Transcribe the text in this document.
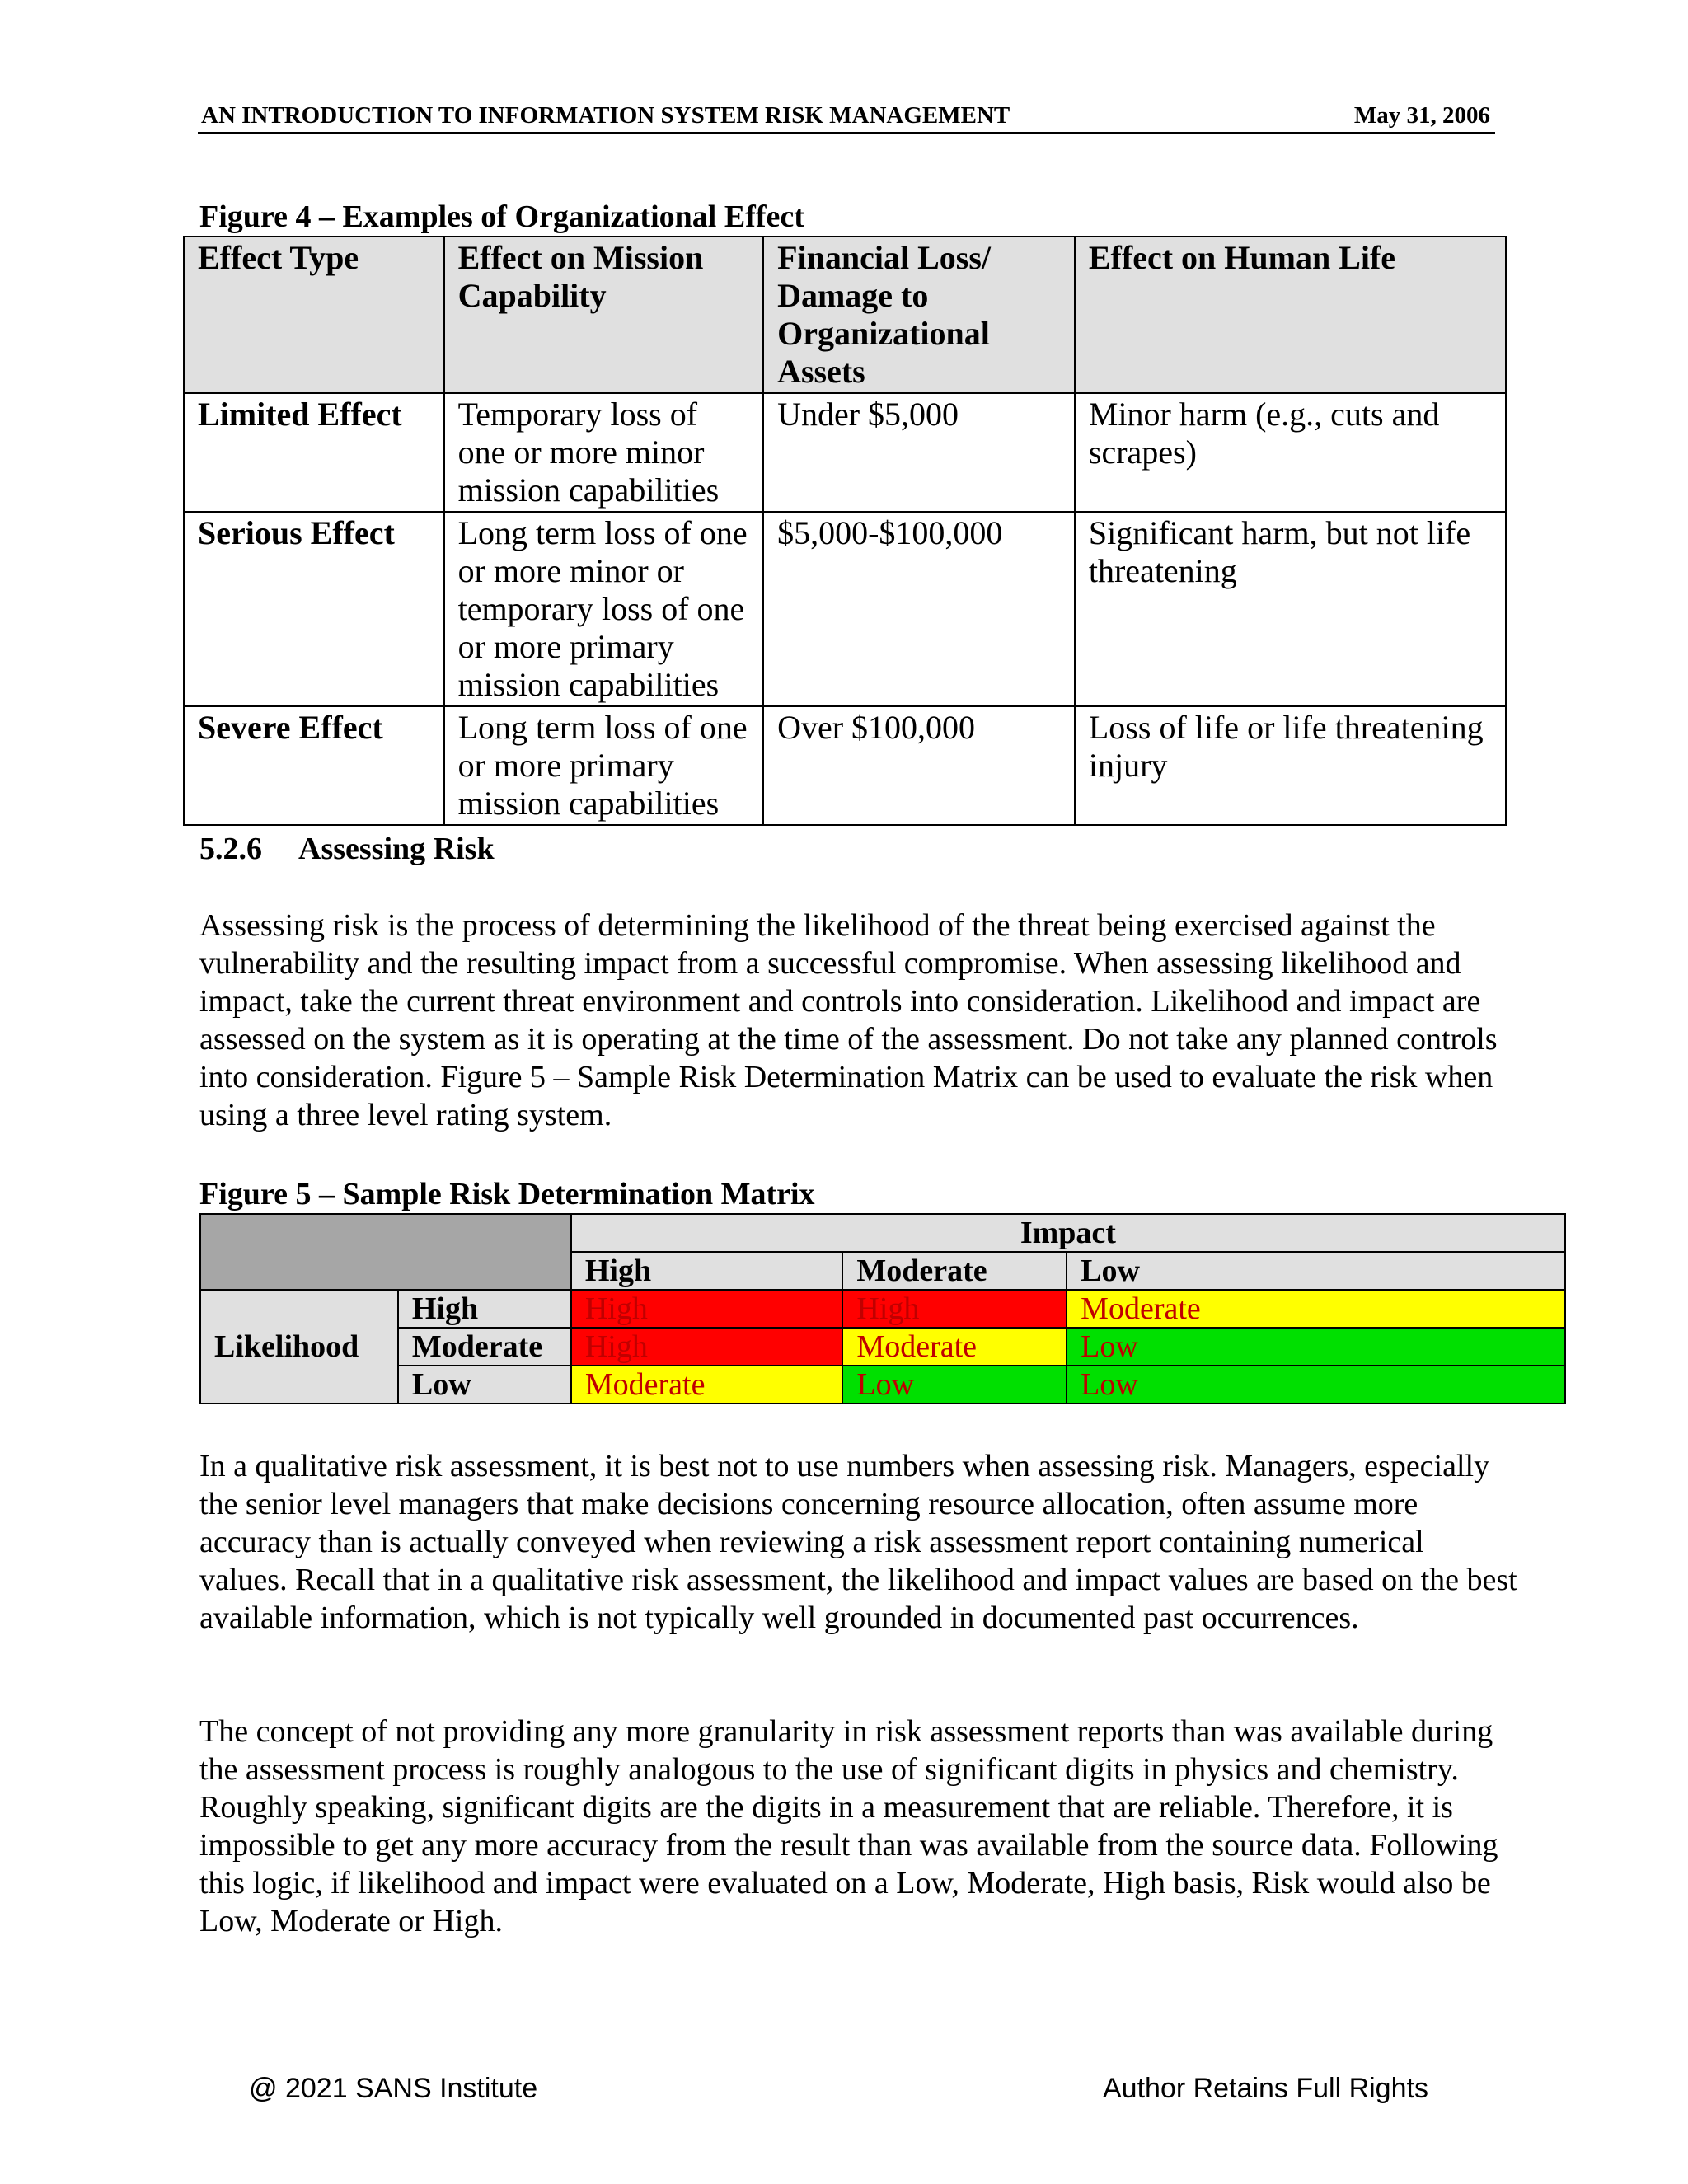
AN INTRODUCTION TO INFORMATION SYSTEM RISK MANAGEMENT	May 31, 2006
Figure 4 – Examples of Organizational Effect
Effect Type	Effect on Mission Capability	Financial Loss/ Damage to Organizational Assets	Effect on Human Life
Limited Effect	Temporary loss of one or more minor mission capabilities	Under $5,000	Minor harm (e.g., cuts and scrapes)
Serious Effect	Long term loss of one or more minor or temporary loss of one or more primary mission capabilities	$5,000-$100,000	Significant harm, but not life threatening
Severe Effect	Long term loss of one or more primary mission capabilities	Over $100,000	Loss of life or life threatening injury
5.2.6 Assessing Risk

Assessing risk is the process of determining the likelihood of the threat being exercised against the vulnerability and the resulting impact from a successful compromise. When assessing likelihood and impact, take the current threat environment and controls into consideration. Likelihood and impact are assessed on the system as it is operating at the time of the assessment. Do not take any planned controls into consideration. Figure 5 – Sample Risk Determination Matrix can be used to evaluate the risk when using a three level rating system.

Figure 5 – Sample Risk Determination Matrix
		Impact		
		High	Moderate	Low
Likelihood	High	High	High	Moderate
	Moderate	High	Moderate	Low
	Low	Moderate	Low	Low

In a qualitative risk assessment, it is best not to use numbers when assessing risk. Managers, especially the senior level managers that make decisions concerning resource allocation, often assume more accuracy than is actually conveyed when reviewing a risk assessment report containing numerical values. Recall that in a qualitative risk assessment, the likelihood and impact values are based on the best available information, which is not typically well grounded in documented past occurrences.

The concept of not providing any more granularity in risk assessment reports than was available during the assessment process is roughly analogous to the use of significant digits in physics and chemistry. Roughly speaking, significant digits are the digits in a measurement that are reliable. Therefore, it is impossible to get any more accuracy from the result than was available from the source data. Following this logic, if likelihood and impact were evaluated on a Low, Moderate, High basis, Risk would also be Low, Moderate or High.

@ 2021 SANS Institute	Author Retains Full Rights
